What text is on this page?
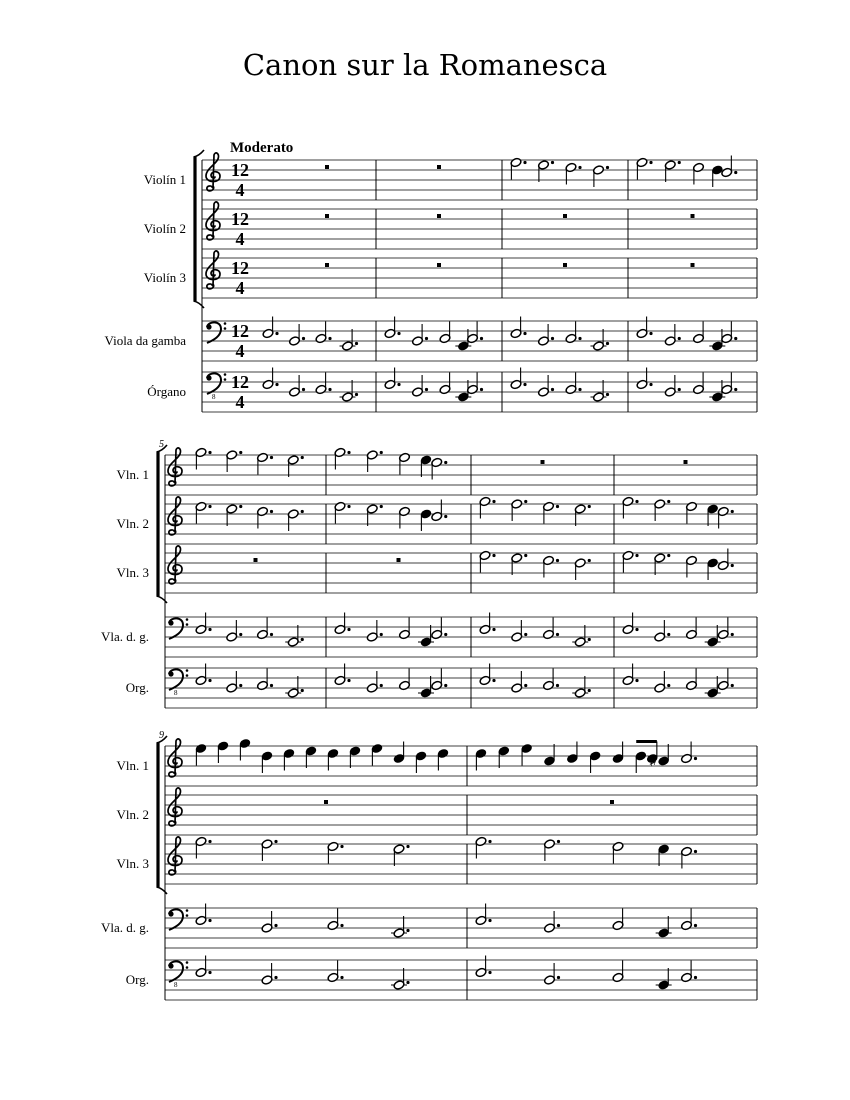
Canon sur la Romanesca
Violín 1	12
4
Violín 2	12
4
Violín 3	12
4
Viola da gamba	12
4
Órgano	8
12
4
Moderato
Vln. 1
Vln. 2
Vln. 3
Vla. d. g.
Org.	8
5
Vln. 1	♯
Vln. 2
Vln. 3
Vla. d. g.
Org.	8
9
